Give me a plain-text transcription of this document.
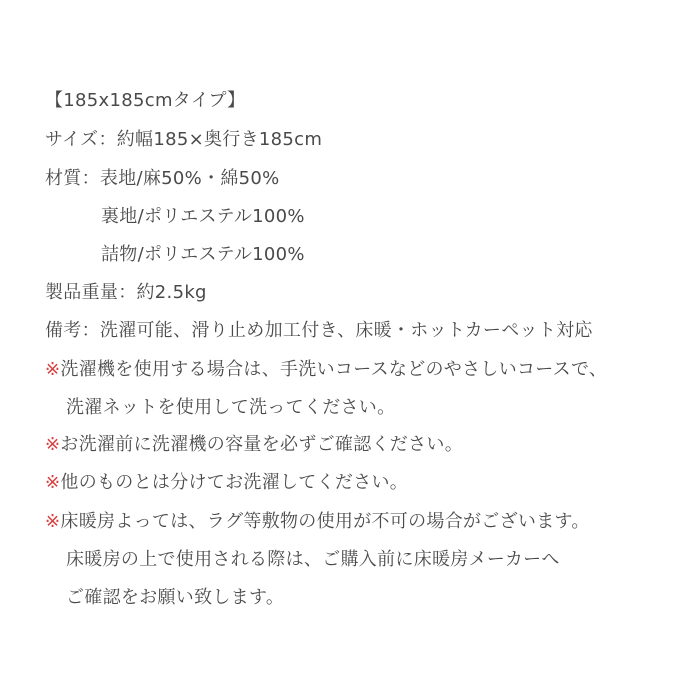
【185x185cmタイプ】
サイズ：約幅185×奥行き185cm
材質：表地/麻50%・綿50%
裏地/ポリエステル100%
詰物/ポリエステル100%
製品重量：約2.5kg
備考：洗濯可能、滑り止め加工付き、床暖・ホットカーペット対応
※洗濯機を使用する場合は、手洗いコースなどのやさしいコースで、
洗濯ネットを使用して洗ってください。
※お洗濯前に洗濯機の容量を必ずご確認ください。
※他のものとは分けてお洗濯してください。
※床暖房よっては、ラグ等敷物の使用が不可の場合がございます。
床暖房の上で使用される際は、ご購入前に床暖房メーカーへ
ご確認をお願い致します。
